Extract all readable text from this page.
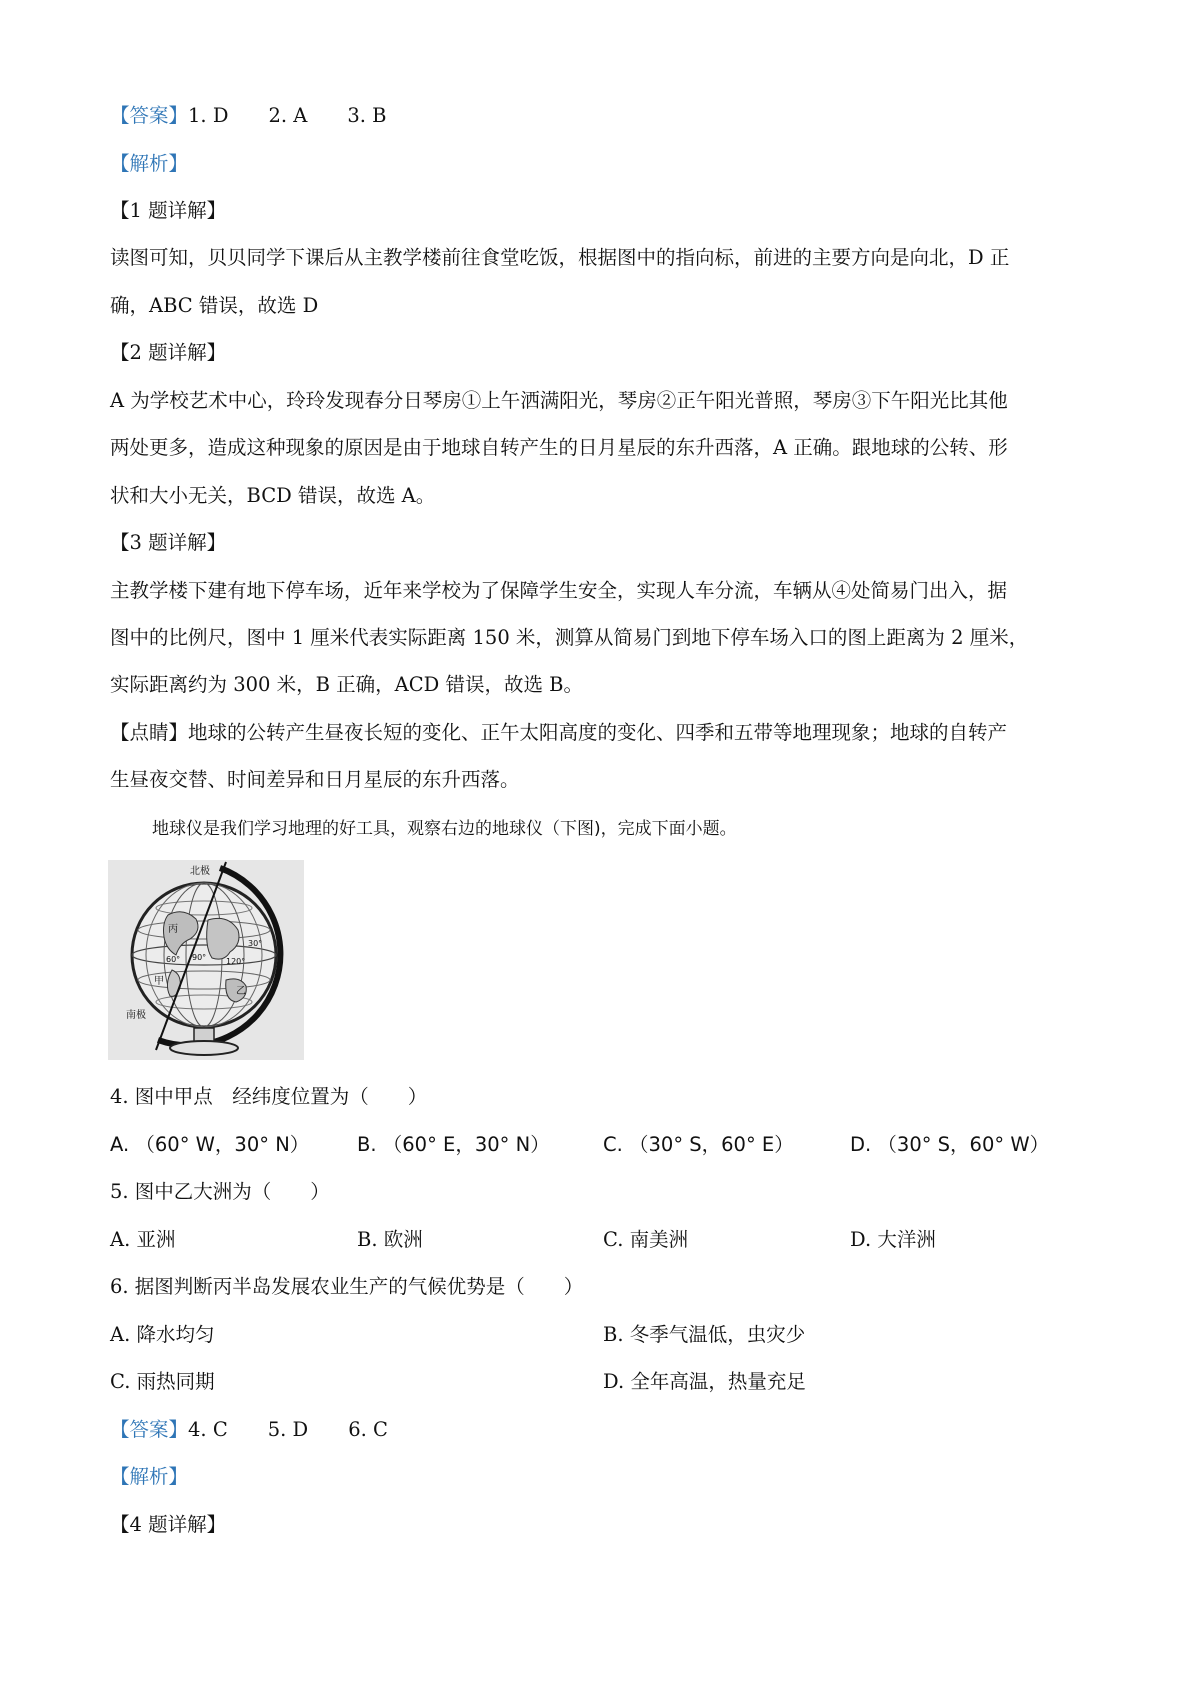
【答案】1. D 2. A 3. B
【解析】
【1 题详解】
读图可知，贝贝同学下课后从主教学楼前往食堂吃饭，根据图中的指向标，前进的主要方向是向北，D 正
确，ABC 错误，故选 D
【2 题详解】
A 为学校艺术中心，玲玲发现春分日琴房①上午洒满阳光，琴房②正午阳光普照，琴房③下午阳光比其他
两处更多，造成这种现象的原因是由于地球自转产生的日月星辰的东升西落，A 正确。跟地球的公转、形
状和大小无关，BCD 错误，故选 A。
【3 题详解】
主教学楼下建有地下停车场，近年来学校为了保障学生安全，实现人车分流，车辆从④处简易门出入，据
图中的比例尺，图中 1 厘米代表实际距离 150 米，测算从简易门到地下停车场入口的图上距离为 2 厘米，
实际距离约为 300 米，B 正确，ACD 错误，故选 B。
【点睛】地球的公转产生昼夜长短的变化、正午太阳高度的变化、四季和五带等地理现象；地球的自转产
生昼夜交替、时间差异和日月星辰的东升西落。
地球仪是我们学习地理的好工具，观察右边的地球仪（下图)，完成下面小题。
北极
南极
甲
乙
丙
90° 120°
60°
30°
4. 图中甲点　经纬度位置为（　　）
A. （60° W，30° N） B. （60° E，30° N）	C. （30° S，60° E）	D. （30° S，60° W）
5. 图中乙大洲为（　　）
A. 亚洲	B. 欧洲	C. 南美洲	D. 大洋洲
6. 据图判断丙半岛发展农业生产的气候优势是（　　）
A. 降水均匀	B. 冬季气温低，虫灾少
C. 雨热同期	D. 全年高温，热量充足
【答案】4. C 5. D 6. C
【解析】
【4 题详解】
